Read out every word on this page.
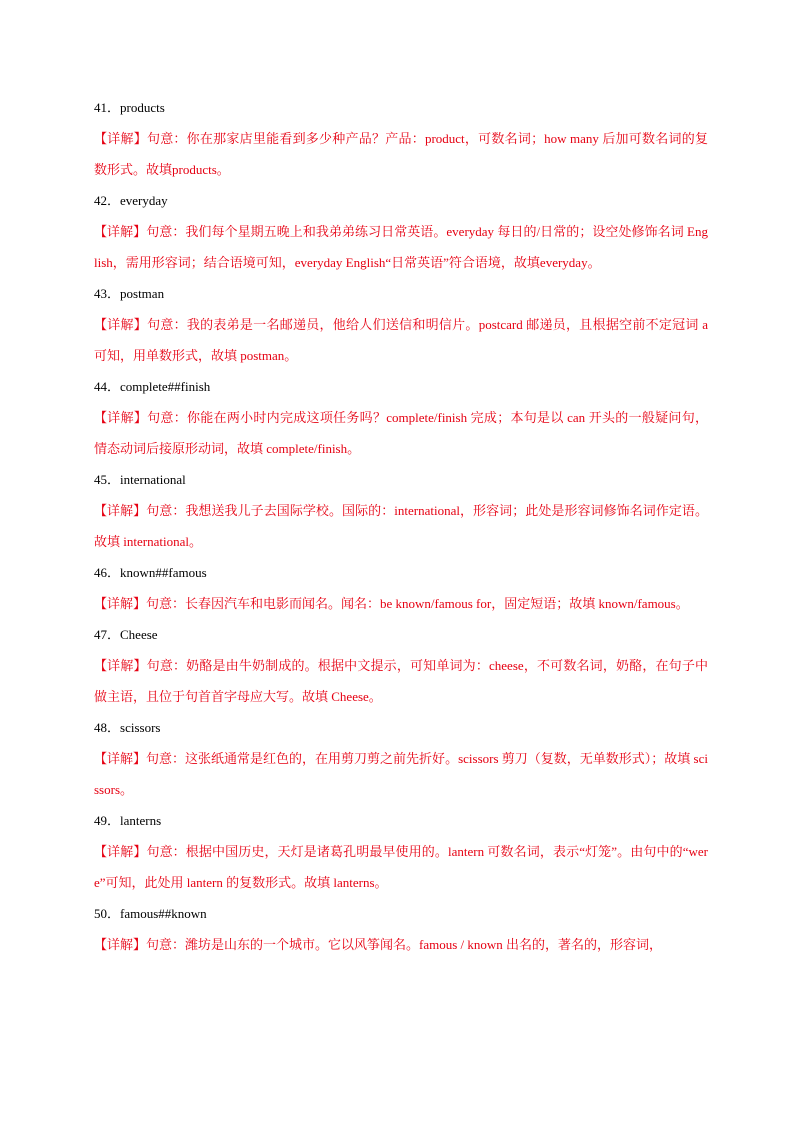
41．products
【详解】句意：你在那家店里能看到多少种产品？产品：product，可数名词；how many 后加可数名词的复数形式。故填products。
42．everyday
【详解】句意：我们每个星期五晚上和我弟弟练习日常英语。everyday 每日的/日常的；设空处修饰名词 English，需用形容词；结合语境可知，everyday English“日常英语”符合语境，故填everyday。
43．postman
【详解】句意：我的表弟是一名邮递员，他给人们送信和明信片。postcard 邮递员，且根据空前不定冠词 a 可知，用单数形式，故填 postman。
44．complete##finish
【详解】句意：你能在两小时内完成这项任务吗？complete/finish 完成；本句是以 can 开头的一般疑问句，情态动词后接原形动词，故填 complete/finish。
45．international
【详解】句意：我想送我儿子去国际学校。国际的：international，形容词；此处是形容词修饰名词作定语。故填 international。
46．known##famous
【详解】句意：长春因汽车和电影而闻名。闻名：be known/famous for，固定短语；故填 known/famous。
47．Cheese
【详解】句意：奶酪是由牛奶制成的。根据中文提示，可知单词为：cheese，不可数名词，奶酪，在句子中做主语，且位于句首首字母应大写。故填 Cheese。
48．scissors
【详解】句意：这张纸通常是红色的，在用剪刀剪之前先折好。scissors 剪刀（复数，无单数形式）；故填 scissors。
49．lanterns
【详解】句意：根据中国历史，天灯是诸葛孔明最早使用的。lantern 可数名词，表示“灯笼”。由句中的“were”可知，此处用 lantern 的复数形式。故填 lanterns。
50．famous##known
【详解】句意：潍坊是山东的一个城市。它以风筝闻名。famous / known 出名的，著名的，形容词，
